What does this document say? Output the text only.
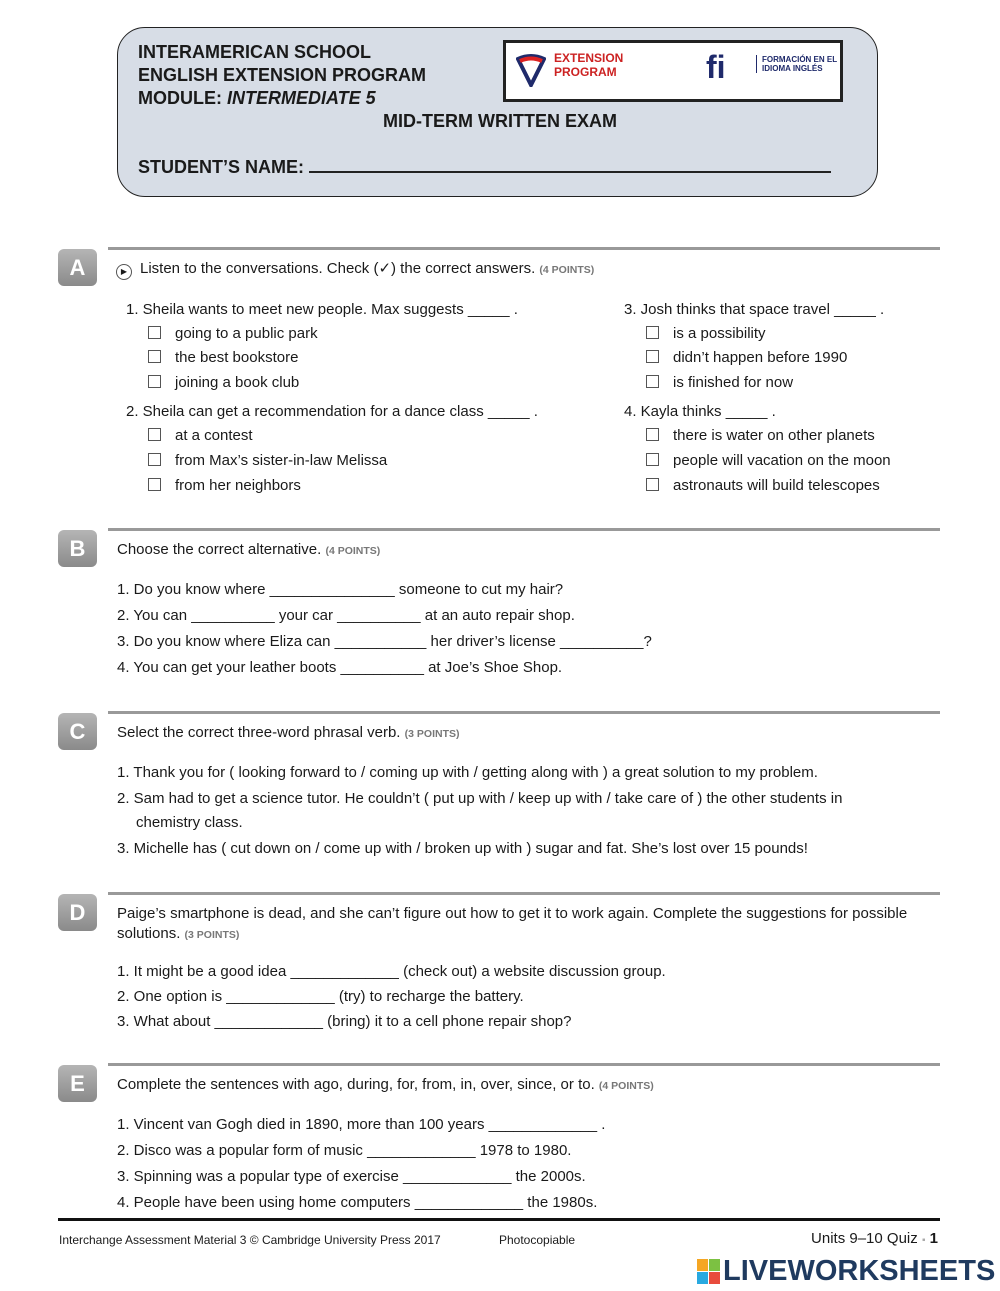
INTERAMERICAN SCHOOL
ENGLISH EXTENSION PROGRAM
MODULE: INTERMEDIATE 5
MID-TERM WRITTEN EXAM
STUDENT’S NAME:
EXTENSION PROGRAM	fi	FORMACIÓN EN EL IDIOMA INGLÉS
A	▶ Listen to the conversations. Check (✓) the correct answers. (4 POINTS)
1. Sheila wants to meet new people. Max suggests _____ .
going to a public park
the best bookstore
joining a book club
2. Sheila can get a recommendation for a dance class _____ .
at a contest
from Max’s sister-in-law Melissa
from her neighbors
3. Josh thinks that space travel _____ .
is a possibility
didn’t happen before 1990
is finished for now
4. Kayla thinks _____ .
there is water on other planets
people will vacation on the moon
astronauts will build telescopes
B	Choose the correct alternative. (4 POINTS)
1. Do you know where _______________ someone to cut my hair?
2. You can __________ your car __________ at an auto repair shop.
3. Do you know where Eliza can ___________ her driver’s license __________?
4. You can get your leather boots __________ at Joe’s Shoe Shop.
C	Select the correct three-word phrasal verb. (3 POINTS)
1. Thank you for ( looking forward to / coming up with / getting along with ) a great solution to my problem.
2. Sam had to get a science tutor. He couldn’t ( put up with / keep up with / take care of ) the other students in
chemistry class.
3. Michelle has ( cut down on / come up with / broken up with ) sugar and fat. She’s lost over 15 pounds!
D	Paige’s smartphone is dead, and she can’t figure out how to get it to work again. Complete the suggestions for possible solutions. (3 POINTS)
1. It might be a good idea _____________ (check out) a website discussion group.
2. One option is _____________ (try) to recharge the battery.
3. What about _____________ (bring) it to a cell phone repair shop?
E	Complete the sentences with ago, during, for, from, in, over, since, or to. (4 POINTS)
1. Vincent van Gogh died in 1890, more than 100 years _____________ .
2. Disco was a popular form of music _____________ 1978 to 1980.
3. Spinning was a popular type of exercise _____________ the 2000s.
4. People have been using home computers _____________ the 1980s.
Interchange Assessment Material 3 © Cambridge University Press 2017	Photocopiable	Units 9–10 Quiz ▪ 1
LIVEWORKSHEETS
